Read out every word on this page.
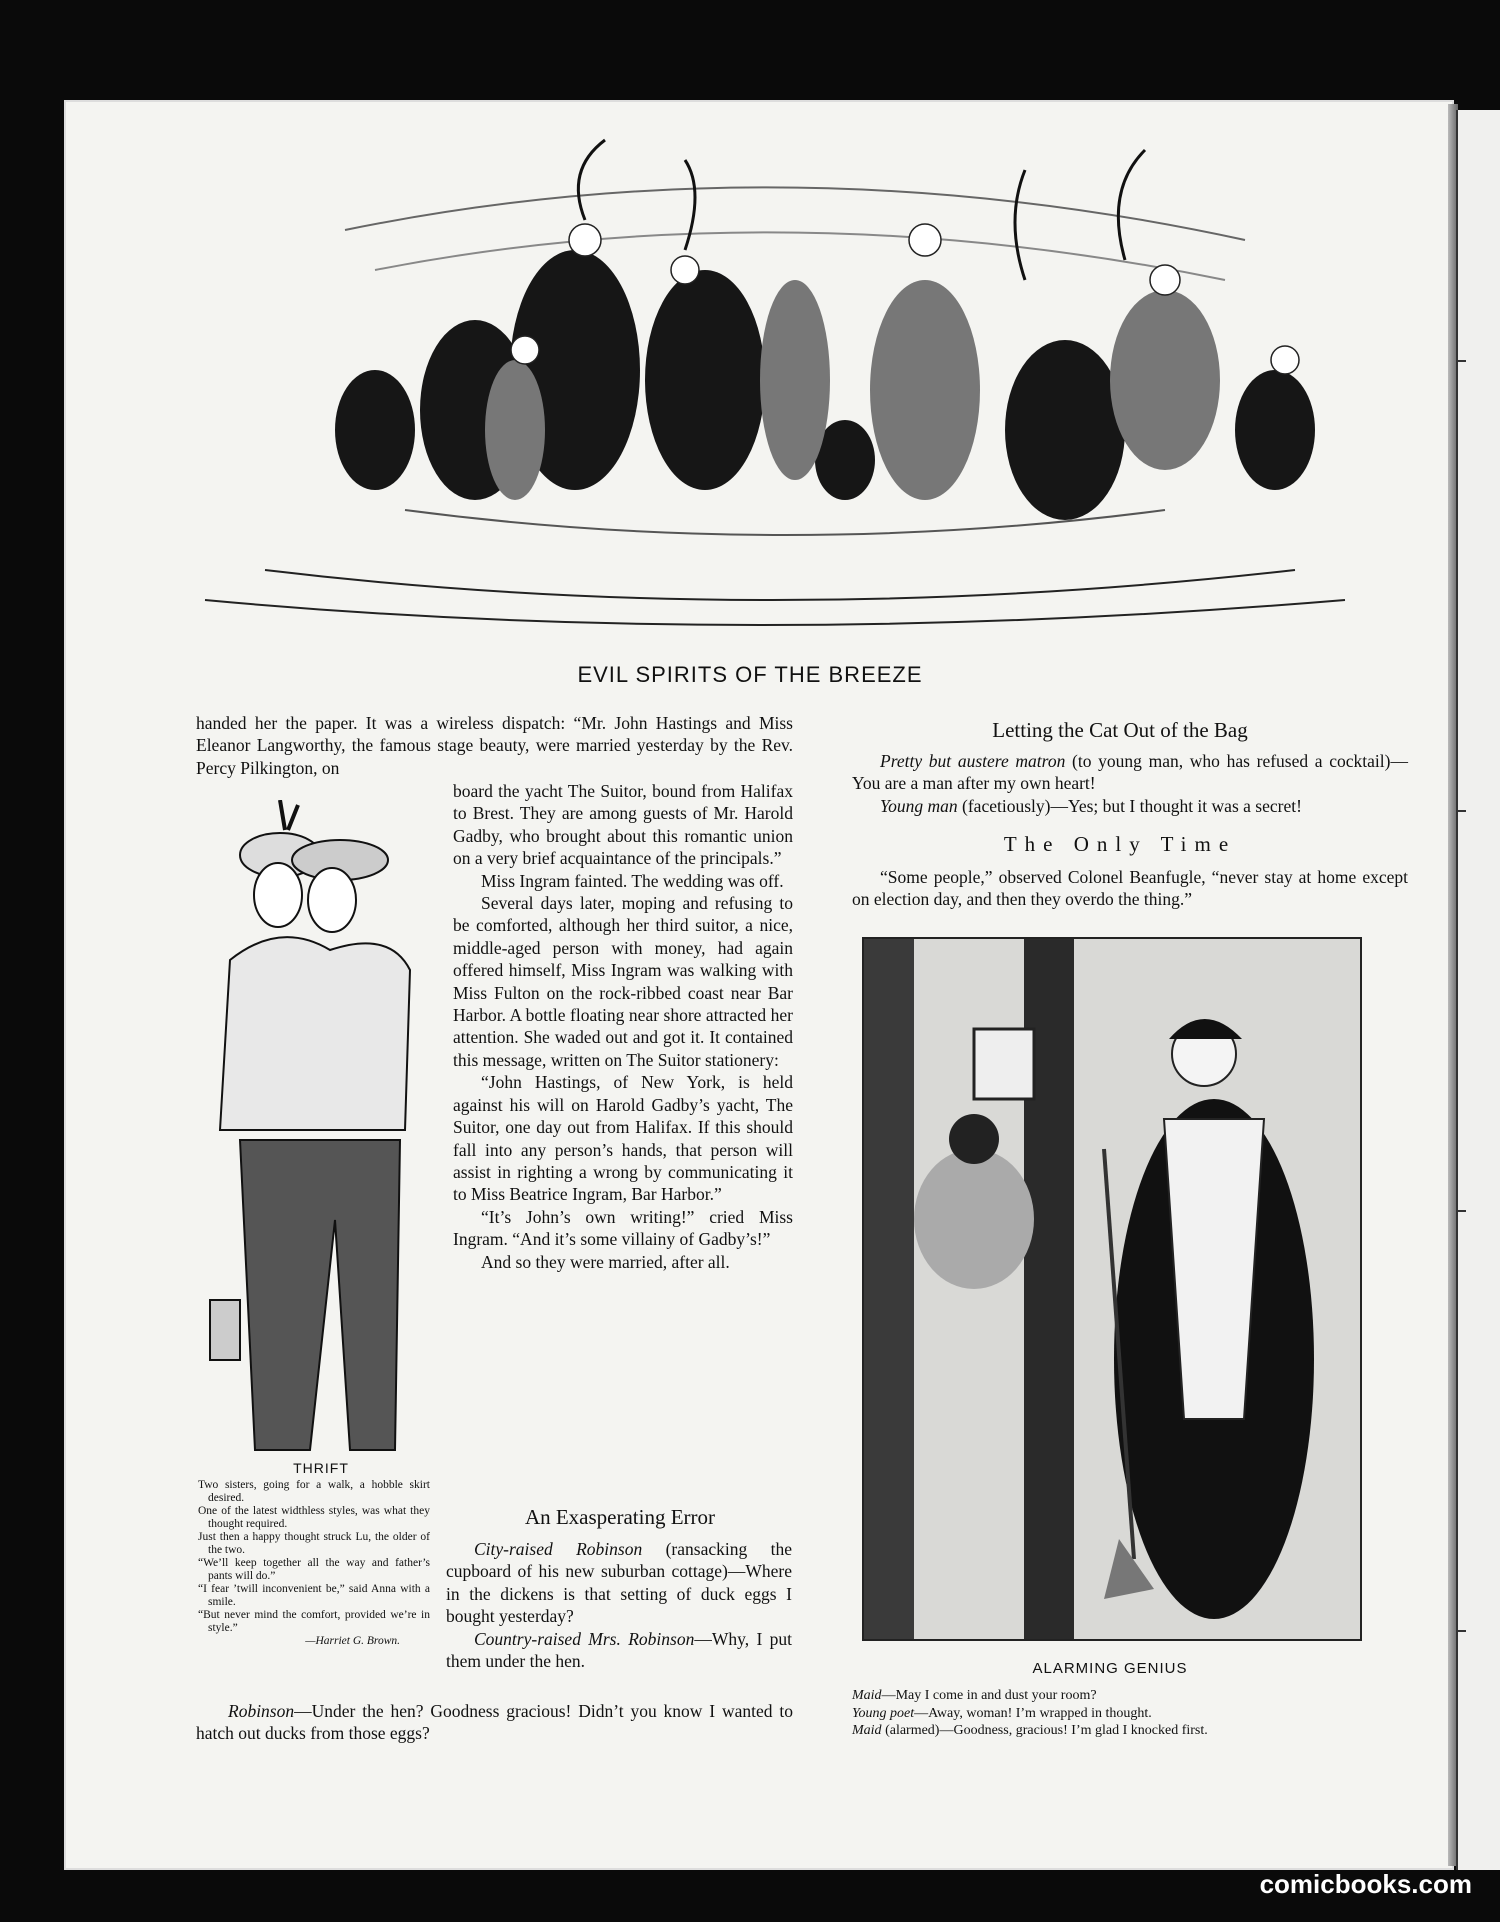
EVIL SPIRITS OF THE BREEZE

handed her the paper. It was a wireless dispatch: “Mr. John Hastings and Miss Eleanor Langworthy, the famous stage beauty, were married yesterday by the Rev. Percy Pilkington, on

board the yacht The Suitor, bound from Halifax to Brest. They are among guests of Mr. Harold Gadby, who brought about this romantic union on a very brief acquaintance of the principals.”

Miss Ingram fainted. The wedding was off.

Several days later, moping and refusing to be comforted, although her third suitor, a nice, middle-aged person with money, had again offered himself, Miss Ingram was walking with Miss Fulton on the rock-ribbed coast near Bar Harbor. A bottle floating near shore attracted her attention. She waded out and got it. It contained this message, written on The Suitor stationery:

“John Hastings, of New York, is held against his will on Harold Gadby’s yacht, The Suitor, one day out from Halifax. If this should fall into any person’s hands, that person will assist in righting a wrong by communicating it to Miss Beatrice Ingram, Bar Harbor.”

“It’s John’s own writing!” cried Miss Ingram. “And it’s some villainy of Gadby’s!”

And so they were married, after all.

THRIFT
Two sisters, going for a walk, a hobble skirt desired.
One of the latest widthless styles, was what they thought required.
Just then a happy thought struck Lu, the older of the two.
“We’ll keep together all the way and father’s pants will do.”
“I fear ’twill inconvenient be,” said Anna with a smile.
“But never mind the comfort, provided we’re in style.”
—Harriet G. Brown.
An Exasperating Error

City-raised Robinson (ransacking the cupboard of his new suburban cottage)—Where in the dickens is that setting of duck eggs I bought yesterday?

Country-raised Mrs. Robinson—Why, I put them under the hen.

Robinson—Under the hen? Goodness gracious! Didn’t you know I wanted to hatch out ducks from those eggs?

Letting the Cat Out of the Bag

Pretty but austere matron (to young man, who has refused a cocktail)—You are a man after my own heart!

Young man (facetiously)—Yes; but I thought it was a secret!

The Only Time

“Some people,” observed Colonel Beanfugle, “never stay at home except on election day, and then they overdo the thing.”

ALARMING GENIUS
Maid—May I come in and dust your room?
Young poet—Away, woman! I’m wrapped in thought.
Maid (alarmed)—Goodness, gracious! I’m glad I knocked first.
comicbooks.com
